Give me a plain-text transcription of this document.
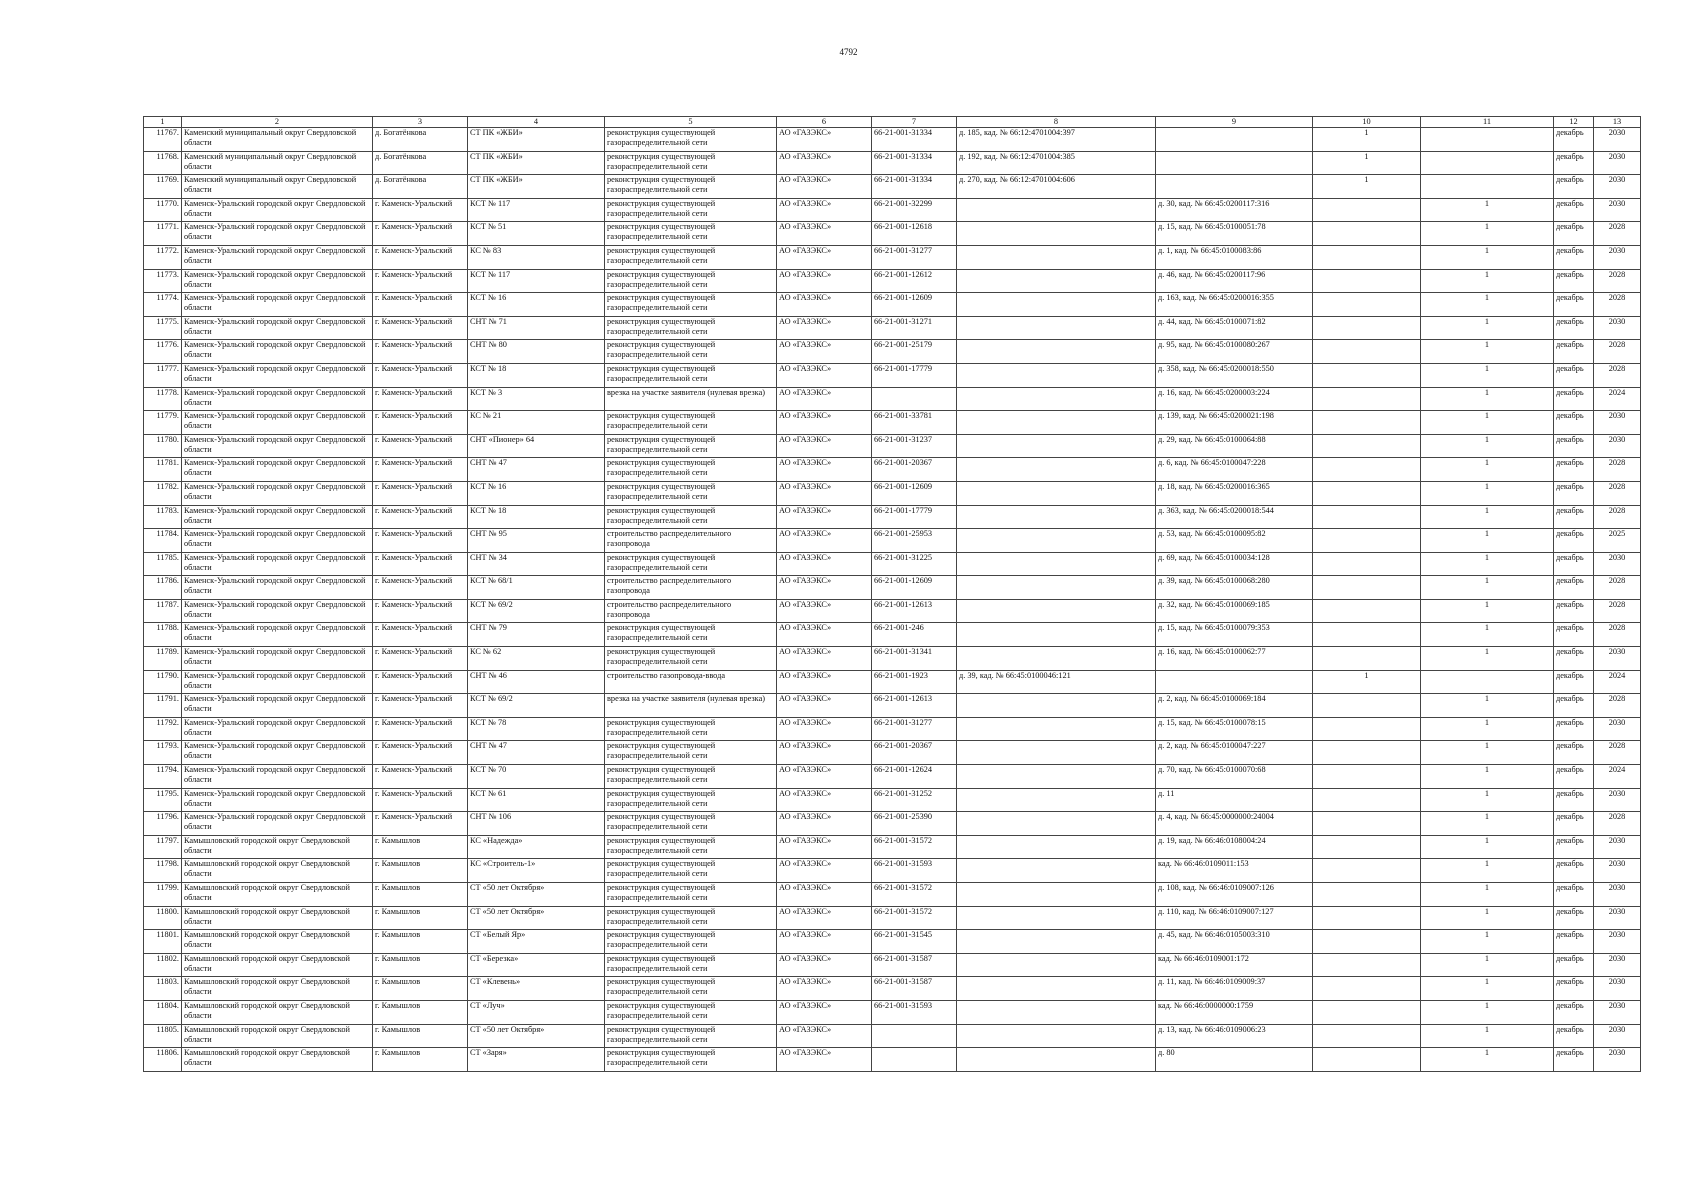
4792
1	2	3	4	5	6	7	8	9	10	11	12	13
11767.	Каменский муниципальный округ Свердловской области	д. Богатёнкова	СТ ПК «ЖБИ»	реконструкция существующей газораспределительной сети	АО «ГАЗЭКС»	66-21-001-31334	д. 185, кад. № 66:12:4701004:397		1		декабрь	2030
11768.	Каменский муниципальный округ Свердловской области	д. Богатёнкова	СТ ПК «ЖБИ»	реконструкция существующей газораспределительной сети	АО «ГАЗЭКС»	66-21-001-31334	д. 192, кад. № 66:12:4701004:385		1		декабрь	2030
11769.	Каменский муниципальный округ Свердловской области	д. Богатёнкова	СТ ПК «ЖБИ»	реконструкция существующей газораспределительной сети	АО «ГАЗЭКС»	66-21-001-31334	д. 270, кад. № 66:12:4701004:606		1		декабрь	2030
11770.	Каменск-Уральский городской округ Свердловской области	г. Каменск-Уральский	КСТ № 117	реконструкция существующей газораспределительной сети	АО «ГАЗЭКС»	66-21-001-32299		д. 30, кад. № 66:45:0200117:316		1	декабрь	2030
11771.	Каменск-Уральский городской округ Свердловской области	г. Каменск-Уральский	КСТ № 51	реконструкция существующей газораспределительной сети	АО «ГАЗЭКС»	66-21-001-12618		д. 15, кад. № 66:45:0100051:78		1	декабрь	2028
11772.	Каменск-Уральский городской округ Свердловской области	г. Каменск-Уральский	КС № 83	реконструкция существующей газораспределительной сети	АО «ГАЗЭКС»	66-21-001-31277		д. 1, кад. № 66:45:0100083:86		1	декабрь	2030
11773.	Каменск-Уральский городской округ Свердловской области	г. Каменск-Уральский	КСТ № 117	реконструкция существующей газораспределительной сети	АО «ГАЗЭКС»	66-21-001-12612		д. 46, кад. № 66:45:0200117:96		1	декабрь	2028
11774.	Каменск-Уральский городской округ Свердловской области	г. Каменск-Уральский	КСТ № 16	реконструкция существующей газораспределительной сети	АО «ГАЗЭКС»	66-21-001-12609		д. 163, кад. № 66:45:0200016:355		1	декабрь	2028
11775.	Каменск-Уральский городской округ Свердловской области	г. Каменск-Уральский	СНТ № 71	реконструкция существующей газораспределительной сети	АО «ГАЗЭКС»	66-21-001-31271		д. 44, кад. № 66:45:0100071:82		1	декабрь	2030
11776.	Каменск-Уральский городской округ Свердловской области	г. Каменск-Уральский	СНТ № 80	реконструкция существующей газораспределительной сети	АО «ГАЗЭКС»	66-21-001-25179		д. 95, кад. № 66:45:0100080:267		1	декабрь	2028
11777.	Каменск-Уральский городской округ Свердловской области	г. Каменск-Уральский	КСТ № 18	реконструкция существующей газораспределительной сети	АО «ГАЗЭКС»	66-21-001-17779		д. 358, кад. № 66:45:0200018:550		1	декабрь	2028
11778.	Каменск-Уральский городской округ Свердловской области	г. Каменск-Уральский	КСТ № 3	врезка на участке заявителя (нулевая врезка)	АО «ГАЗЭКС»			д. 16, кад. № 66:45:0200003:224		1	декабрь	2024
11779.	Каменск-Уральский городской округ Свердловской области	г. Каменск-Уральский	КС № 21	реконструкция существующей газораспределительной сети	АО «ГАЗЭКС»	66-21-001-33781		д. 139, кад. № 66:45:0200021:198		1	декабрь	2030
11780.	Каменск-Уральский городской округ Свердловской области	г. Каменск-Уральский	СНТ «Пионер» 64	реконструкция существующей газораспределительной сети	АО «ГАЗЭКС»	66-21-001-31237		д. 29, кад. № 66:45:0100064:88		1	декабрь	2030
11781.	Каменск-Уральский городской округ Свердловской области	г. Каменск-Уральский	СНТ № 47	реконструкция существующей газораспределительной сети	АО «ГАЗЭКС»	66-21-001-20367		д. 6, кад. № 66:45:0100047:228		1	декабрь	2028
11782.	Каменск-Уральский городской округ Свердловской области	г. Каменск-Уральский	КСТ № 16	реконструкция существующей газораспределительной сети	АО «ГАЗЭКС»	66-21-001-12609		д. 18, кад. № 66:45:0200016:365		1	декабрь	2028
11783.	Каменск-Уральский городской округ Свердловской области	г. Каменск-Уральский	КСТ № 18	реконструкция существующей газораспределительной сети	АО «ГАЗЭКС»	66-21-001-17779		д. 363, кад. № 66:45:0200018:544		1	декабрь	2028
11784.	Каменск-Уральский городской округ Свердловской области	г. Каменск-Уральский	СНТ № 95	строительство распределительного газопровода	АО «ГАЗЭКС»	66-21-001-25953		д. 53, кад. № 66:45:0100095:82		1	декабрь	2025
11785.	Каменск-Уральский городской округ Свердловской области	г. Каменск-Уральский	СНТ № 34	реконструкция существующей газораспределительной сети	АО «ГАЗЭКС»	66-21-001-31225		д. 69, кад. № 66:45:0100034:128		1	декабрь	2030
11786.	Каменск-Уральский городской округ Свердловской области	г. Каменск-Уральский	КСТ № 68/1	строительство распределительного газопровода	АО «ГАЗЭКС»	66-21-001-12609		д. 39, кад. № 66:45:0100068:280		1	декабрь	2028
11787.	Каменск-Уральский городской округ Свердловской области	г. Каменск-Уральский	КСТ № 69/2	строительство распределительного газопровода	АО «ГАЗЭКС»	66-21-001-12613		д. 32, кад. № 66:45:0100069:185		1	декабрь	2028
11788.	Каменск-Уральский городской округ Свердловской области	г. Каменск-Уральский	СНТ № 79	реконструкция существующей газораспределительной сети	АО «ГАЗЭКС»	66-21-001-246		д. 15, кад. № 66:45:0100079:353		1	декабрь	2028
11789.	Каменск-Уральский городской округ Свердловской области	г. Каменск-Уральский	КС № 62	реконструкция существующей газораспределительной сети	АО «ГАЗЭКС»	66-21-001-31341		д. 16, кад. № 66:45:0100062:77		1	декабрь	2030
11790.	Каменск-Уральский городской округ Свердловской области	г. Каменск-Уральский	СНТ № 46	строительство газопровода-ввода	АО «ГАЗЭКС»	66-21-001-1923	д. 39, кад. № 66:45:0100046:121		1		декабрь	2024
11791.	Каменск-Уральский городской округ Свердловской области	г. Каменск-Уральский	КСТ № 69/2	врезка на участке заявителя (нулевая врезка)	АО «ГАЗЭКС»	66-21-001-12613		д. 2, кад. № 66:45:0100069:184		1	декабрь	2028
11792.	Каменск-Уральский городской округ Свердловской области	г. Каменск-Уральский	КСТ № 78	реконструкция существующей газораспределительной сети	АО «ГАЗЭКС»	66-21-001-31277		д. 15, кад. № 66:45:0100078:15		1	декабрь	2030
11793.	Каменск-Уральский городской округ Свердловской области	г. Каменск-Уральский	СНТ № 47	реконструкция существующей газораспределительной сети	АО «ГАЗЭКС»	66-21-001-20367		д. 2, кад. № 66:45:0100047:227		1	декабрь	2028
11794.	Каменск-Уральский городской округ Свердловской области	г. Каменск-Уральский	КСТ № 70	реконструкция существующей газораспределительной сети	АО «ГАЗЭКС»	66-21-001-12624		д. 70, кад. № 66:45:0100070:68		1	декабрь	2024
11795.	Каменск-Уральский городской округ Свердловской области	г. Каменск-Уральский	КСТ № 61	реконструкция существующей газораспределительной сети	АО «ГАЗЭКС»	66-21-001-31252		д. 11		1	декабрь	2030
11796.	Каменск-Уральский городской округ Свердловской области	г. Каменск-Уральский	СНТ № 106	реконструкция существующей газораспределительной сети	АО «ГАЗЭКС»	66-21-001-25390		д. 4, кад. № 66:45:0000000:24004		1	декабрь	2028
11797.	Камышловский городской округ Свердловской области	г. Камышлов	КС «Надежда»	реконструкция существующей газораспределительной сети	АО «ГАЗЭКС»	66-21-001-31572		д. 19, кад. № 66:46:0108004:24		1	декабрь	2030
11798.	Камышловский городской округ Свердловской области	г. Камышлов	КС «Строитель-1»	реконструкция существующей газораспределительной сети	АО «ГАЗЭКС»	66-21-001-31593		кад. № 66:46:0109011:153		1	декабрь	2030
11799.	Камышловский городской округ Свердловской области	г. Камышлов	СТ «50 лет Октября»	реконструкция существующей газораспределительной сети	АО «ГАЗЭКС»	66-21-001-31572		д. 108, кад. № 66:46:0109007:126		1	декабрь	2030
11800.	Камышловский городской округ Свердловской области	г. Камышлов	СТ «50 лет Октября»	реконструкция существующей газораспределительной сети	АО «ГАЗЭКС»	66-21-001-31572		д. 110, кад. № 66:46:0109007:127		1	декабрь	2030
11801.	Камышловский городской округ Свердловской области	г. Камышлов	СТ «Белый Яр»	реконструкция существующей газораспределительной сети	АО «ГАЗЭКС»	66-21-001-31545		д. 45, кад. № 66:46:0105003:310		1	декабрь	2030
11802.	Камышловский городской округ Свердловской области	г. Камышлов	СТ «Березка»	реконструкция существующей газораспределительной сети	АО «ГАЗЭКС»	66-21-001-31587		кад. № 66:46:0109001:172		1	декабрь	2030
11803.	Камышловский городской округ Свердловской области	г. Камышлов	СТ «Клевень»	реконструкция существующей газораспределительной сети	АО «ГАЗЭКС»	66-21-001-31587		д. 11, кад. № 66:46:0109009:37		1	декабрь	2030
11804.	Камышловский городской округ Свердловской области	г. Камышлов	СТ «Луч»	реконструкция существующей газораспределительной сети	АО «ГАЗЭКС»	66-21-001-31593		кад. № 66:46:0000000:1759		1	декабрь	2030
11805.	Камышловский городской округ Свердловской области	г. Камышлов	СТ «50 лет Октября»	реконструкция существующей газораспределительной сети	АО «ГАЗЭКС»			д. 13, кад. № 66:46:0109006:23		1	декабрь	2030
11806.	Камышловский городской округ Свердловской области	г. Камышлов	СТ «Заря»	реконструкция существующей газораспределительной сети	АО «ГАЗЭКС»			д. 80		1	декабрь	2030
